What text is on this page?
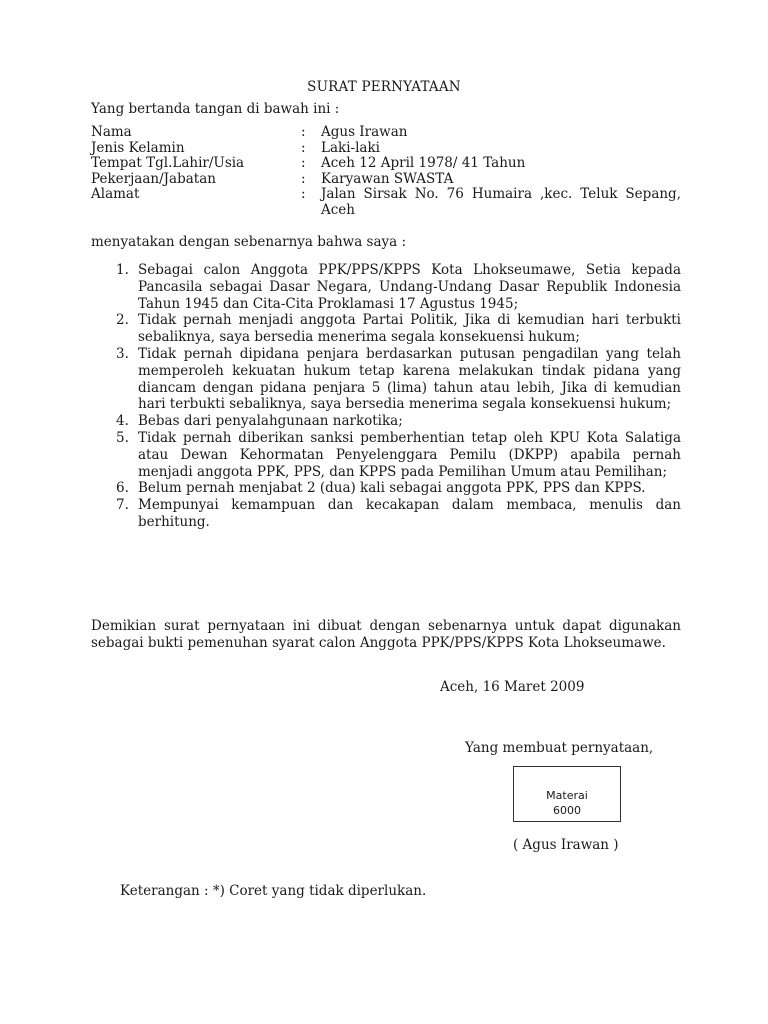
SURAT PERNYATAAN
Yang bertanda tangan di bawah ini :
Nama	:	Agus Irawan
Jenis Kelamin	:	Laki-laki
Tempat Tgl.Lahir/Usia	:	Aceh 12 April 1978/ 41 Tahun
Pekerjaan/Jabatan	:	Karyawan SWASTA
Alamat	:	Jalan Sirsak No. 76 Humaira ,kec. Teluk Sepang, Aceh
menyatakan dengan sebenarnya bahwa saya :
1. Sebagai calon Anggota PPK/PPS/KPPS Kota Lhokseumawe, Setia kepada Pancasila sebagai Dasar Negara, Undang-Undang Dasar Republik Indonesia Tahun 1945 dan Cita-Cita Proklamasi 17 Agustus 1945;
2. Tidak pernah menjadi anggota Partai Politik, Jika di kemudian hari terbukti sebaliknya, saya bersedia menerima segala konsekuensi hukum;
3. Tidak pernah dipidana penjara berdasarkan putusan pengadilan yang telah memperoleh kekuatan hukum tetap karena melakukan tindak pidana yang diancam dengan pidana penjara 5 (lima) tahun atau lebih, Jika di kemudian hari terbukti sebaliknya, saya bersedia menerima segala konsekuensi hukum;
4. Bebas dari penyalahgunaan narkotika;
5. Tidak pernah diberikan sanksi pemberhentian tetap oleh KPU Kota Salatiga atau Dewan Kehormatan Penyelenggara Pemilu (DKPP) apabila pernah menjadi anggota PPK, PPS, dan KPPS pada Pemilihan Umum atau Pemilihan;
6. Belum pernah menjabat 2 (dua) kali sebagai anggota PPK, PPS dan KPPS.
7. Mempunyai kemampuan dan kecakapan dalam membaca, menulis dan berhitung.
Demikian surat pernyataan ini dibuat dengan sebenarnya untuk dapat digunakan sebagai bukti pemenuhan syarat calon Anggota PPK/PPS/KPPS Kota Lhokseumawe.
Aceh, 16 Maret 2009
Yang membuat pernyataan,
Materai
6000
( Agus Irawan )
Keterangan : *) Coret yang tidak diperlukan.
